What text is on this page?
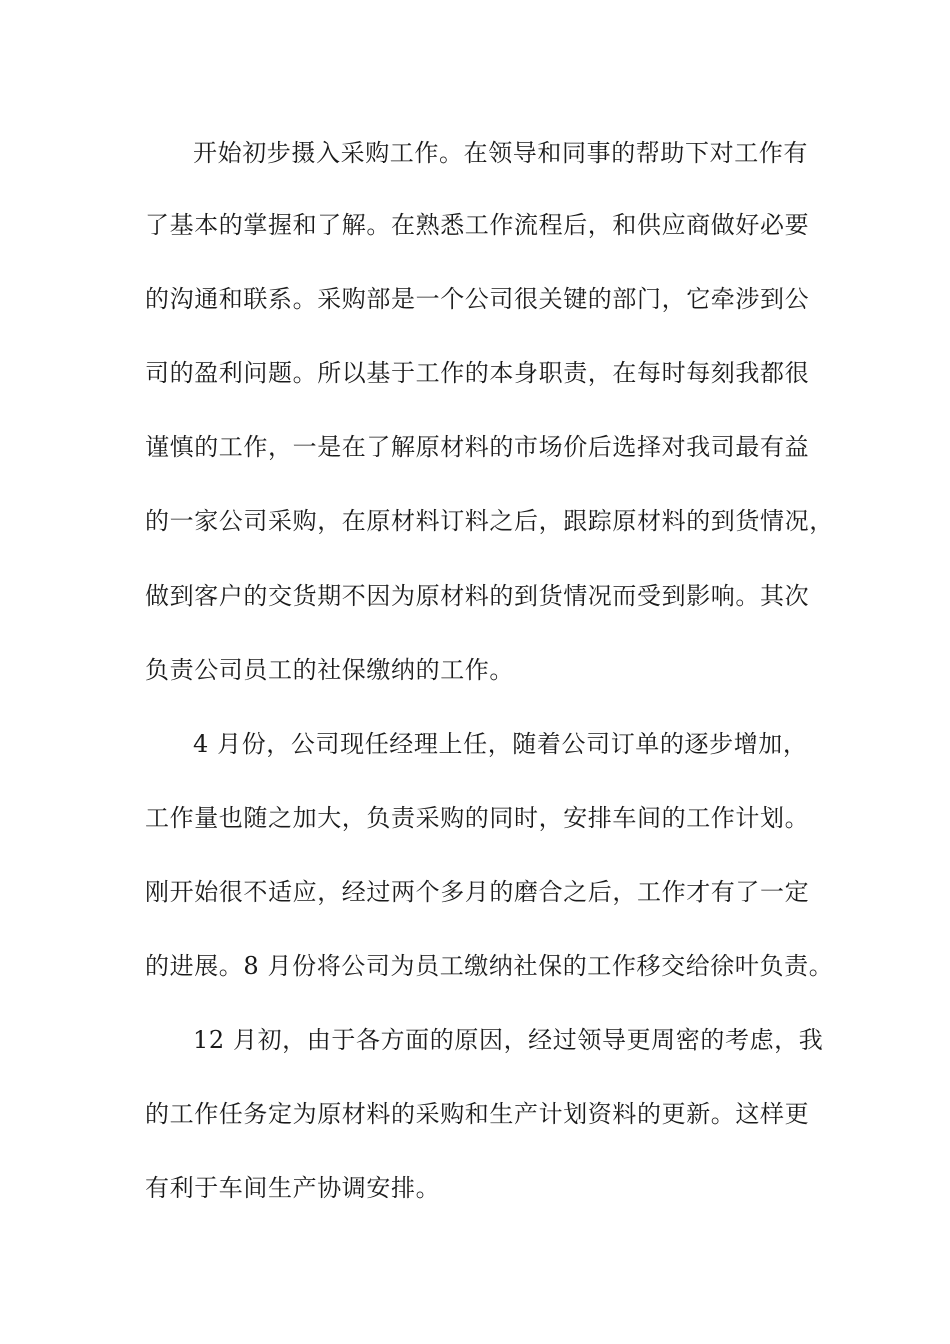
开始初步摄入采购工作。在领导和同事的帮助下对工作有
了基本的掌握和了解。在熟悉工作流程后，和供应商做好必要
的沟通和联系。采购部是一个公司很关键的部门，它牵涉到公
司的盈利问题。所以基于工作的本身职责，在每时每刻我都很
谨慎的工作，一是在了解原材料的市场价后选择对我司最有益
的一家公司采购，在原材料订料之后，跟踪原材料的到货情况，
做到客户的交货期不因为原材料的到货情况而受到影响。其次
负责公司员工的社保缴纳的工作。
4 月份，公司现任经理上任，随着公司订单的逐步增加，
工作量也随之加大，负责采购的同时，安排车间的工作计划。
刚开始很不适应，经过两个多月的磨合之后，工作才有了一定
的进展。8 月份将公司为员工缴纳社保的工作移交给徐叶负责。
12 月初，由于各方面的原因，经过领导更周密的考虑，我
的工作任务定为原材料的采购和生产计划资料的更新。这样更
有利于车间生产协调安排。
